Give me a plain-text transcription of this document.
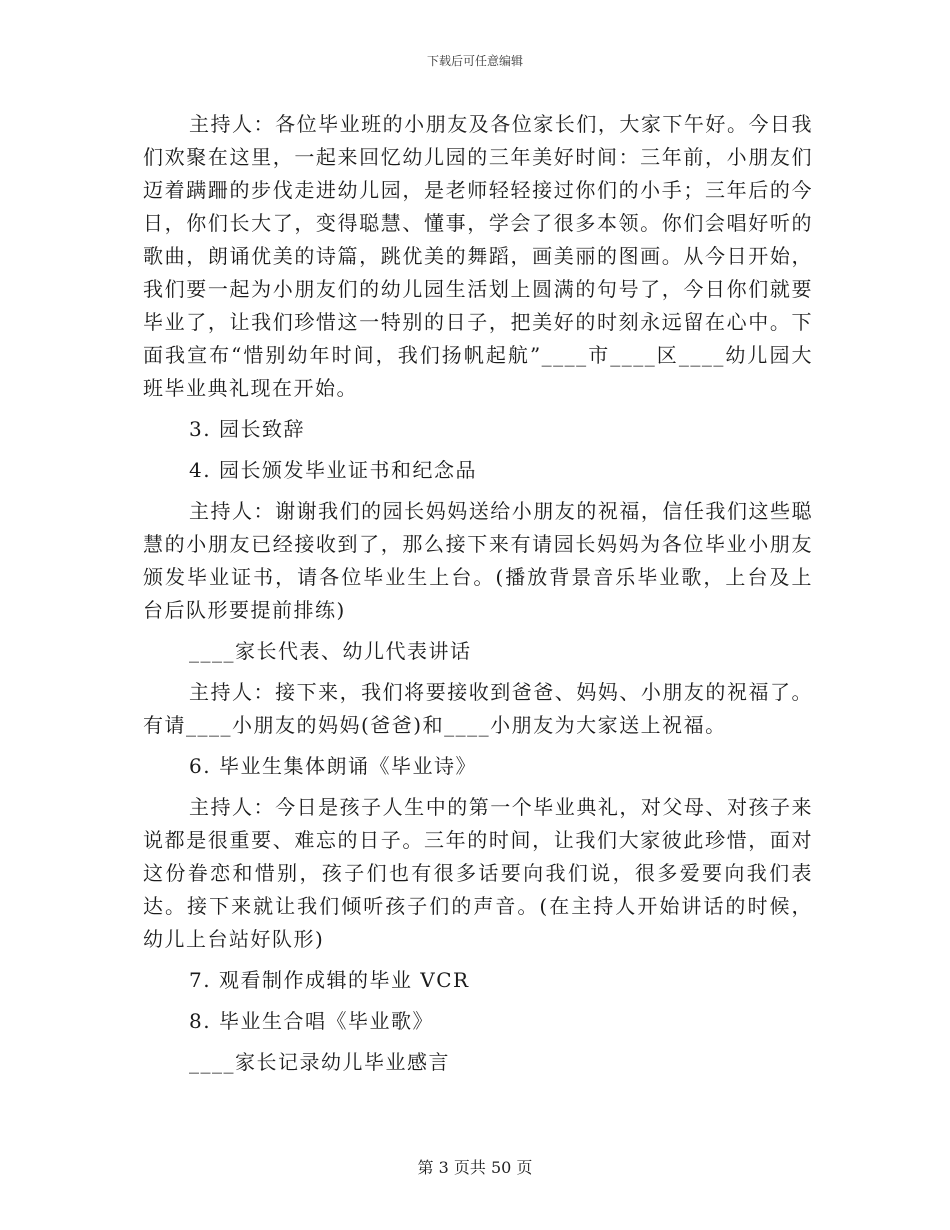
下载后可任意编辑

主持人：各位毕业班的小朋友及各位家长们，大家下午好。今日我们欢聚在这里，一起来回忆幼儿园的三年美好时间：三年前，小朋友们迈着蹒跚的步伐走进幼儿园，是老师轻轻接过你们的小手；三年后的今日，你们长大了，变得聪慧、懂事，学会了很多本领。你们会唱好听的歌曲，朗诵优美的诗篇，跳优美的舞蹈，画美丽的图画。从今日开始，我们要一起为小朋友们的幼儿园生活划上圆满的句号了，今日你们就要毕业了，让我们珍惜这一特别的日子，把美好的时刻永远留在心中。下面我宣布“惜别幼年时间，我们扬帆起航”____市____区____幼儿园大班毕业典礼现在开始。

3. 园长致辞

4. 园长颁发毕业证书和纪念品

主持人：谢谢我们的园长妈妈送给小朋友的祝福，信任我们这些聪慧的小朋友已经接收到了，那么接下来有请园长妈妈为各位毕业小朋友颁发毕业证书，请各位毕业生上台。(播放背景音乐毕业歌，上台及上台后队形要提前排练)

____家长代表、幼儿代表讲话

主持人：接下来，我们将要接收到爸爸、妈妈、小朋友的祝福了。有请____小朋友的妈妈(爸爸)和____小朋友为大家送上祝福。

6. 毕业生集体朗诵《毕业诗》

主持人：今日是孩子人生中的第一个毕业典礼，对父母、对孩子来说都是很重要、难忘的日子。三年的时间，让我们大家彼此珍惜，面对这份眷恋和惜别，孩子们也有很多话要向我们说，很多爱要向我们表达。接下来就让我们倾听孩子们的声音。(在主持人开始讲话的时候，幼儿上台站好队形)

7. 观看制作成辑的毕业 VCR

8. 毕业生合唱《毕业歌》

____家长记录幼儿毕业感言

第 3 页共 50 页
